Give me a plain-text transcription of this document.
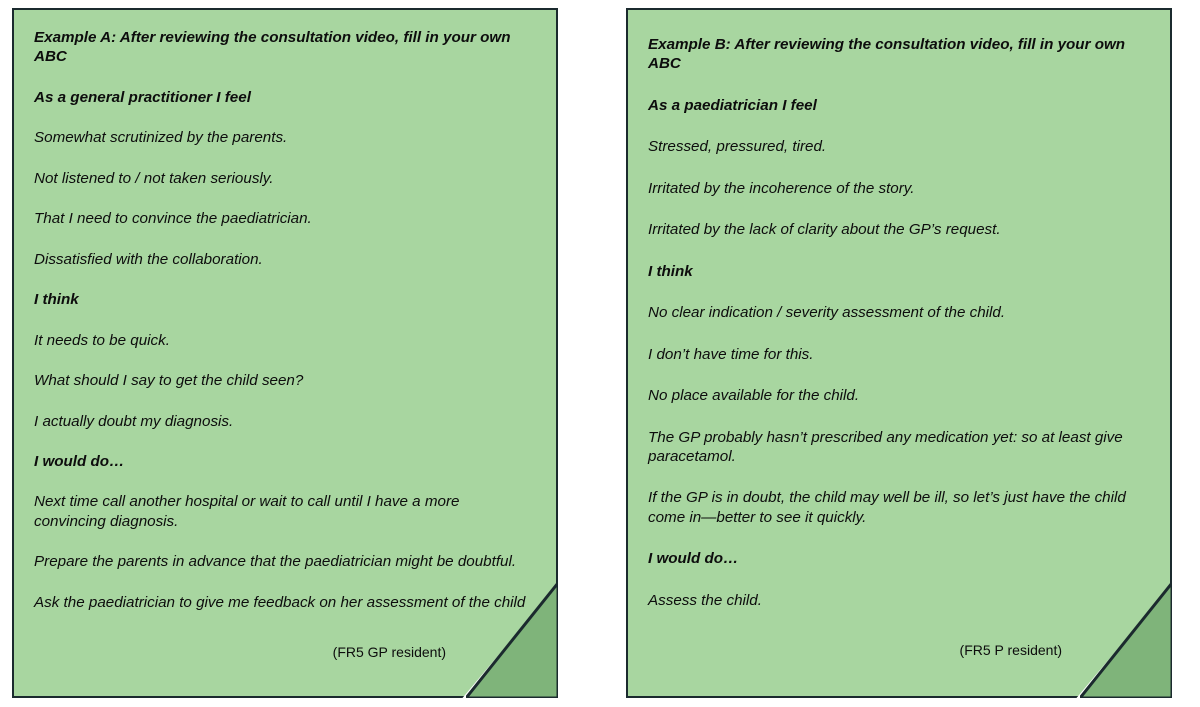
Example A: After reviewing the consultation video, fill in your own ABC

As a general practitioner I feel

Somewhat scrutinized by the parents.

Not listened to / not taken seriously.

That I need to convince the paediatrician.

Dissatisfied with the collaboration.

I think

It needs to be quick.

What should I say to get the child seen?

I actually doubt my diagnosis.

I would do…

Next time call another hospital or wait to call until I have a more convincing diagnosis.

Prepare the parents in advance that the paediatrician might be doubtful.

Ask the paediatrician to give me feedback on her assessment of the child

(FR5 GP resident)

Example B: After reviewing the consultation video, fill in your own ABC

As a paediatrician I feel

Stressed, pressured, tired.

Irritated by the incoherence of the story.

Irritated by the lack of clarity about the GP’s request.

I think

No clear indication / severity assessment of the child.

I don’t have time for this.

No place available for the child.

The GP probably hasn’t prescribed any medication yet: so at least give paracetamol.

If the GP is in doubt, the child may well be ill, so let’s just have the child come in—better to see it quickly.

I would do…

Assess the child.

(FR5 P resident)
